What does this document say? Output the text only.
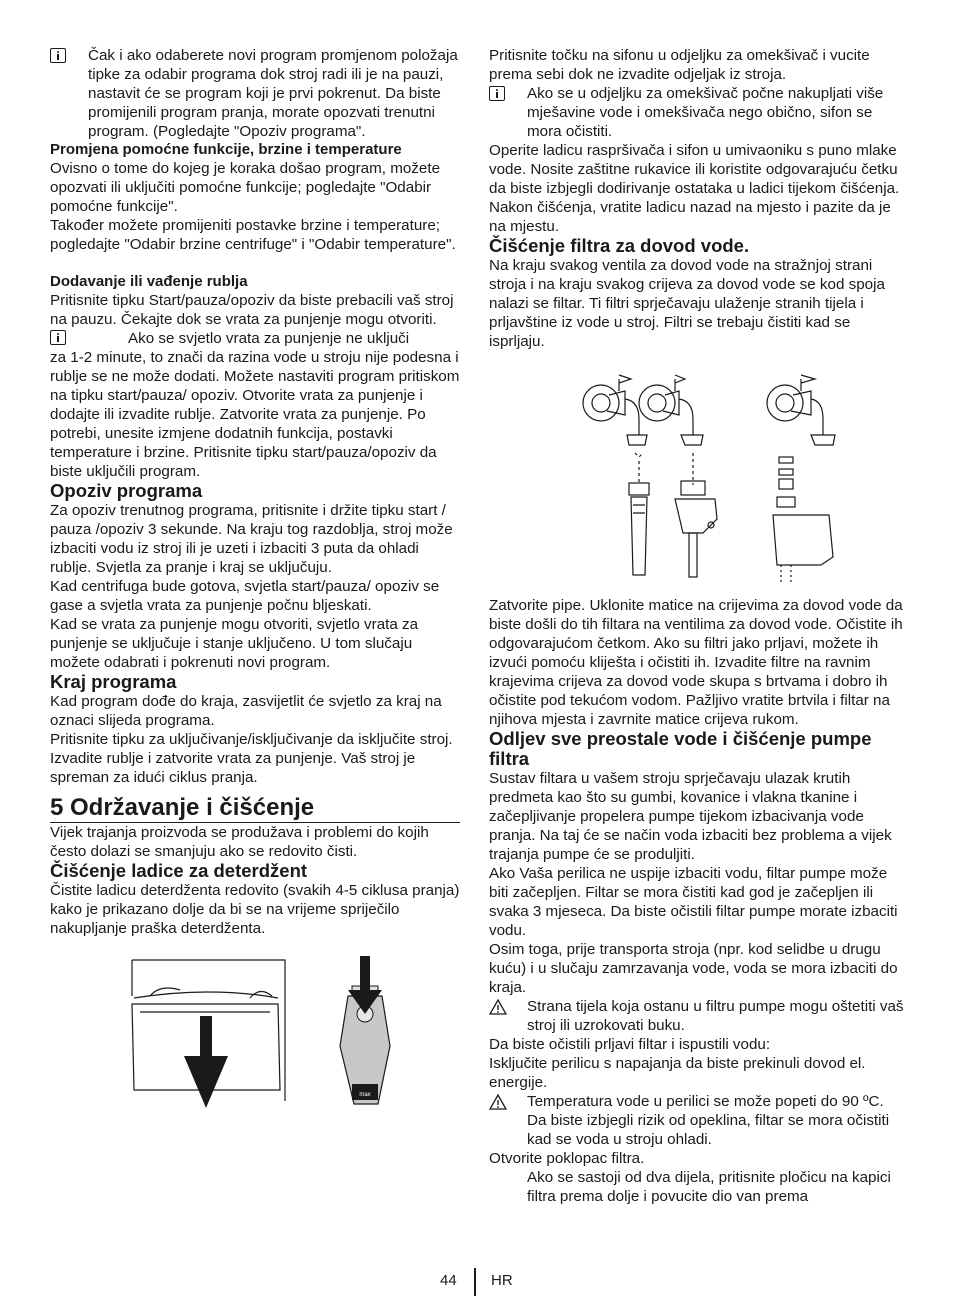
Čak i ako odaberete novi program promjenom položaja tipke za odabir programa dok stroj radi ili je na pauzi, nastavit će se program koji je prvi pokrenut. Da biste promijenili program pranja, morate opozvati trenutni program. (Pogledajte "Opoziv programa".

Promjena pomoćne funkcije, brzine i temperature

Ovisno o tome do kojeg je koraka došao program, možete opozvati ili uključiti pomoćne funkcije; pogledajte "Odabir pomoćne funkcije".

Također možete promijeniti postavke brzine i temperature; pogledajte "Odabir brzine centrifuge" i "Odabir temperature".

Dodavanje ili vađenje rublja

Pritisnite tipku Start/pauza/opoziv da biste prebacili vaš stroj na pauzu. Čekajte dok se vrata za punjenje mogu otvoriti.

Ako se svjetlo vrata za punjenje ne uključi

za 1-2 minute, to znači da razina vode u stroju nije podesna i rublje se ne može dodati. Možete nastaviti program pritiskom na tipku start/pauza/ opoziv. Otvorite vrata za punjenje i dodajte ili izvadite rublje. Zatvorite vrata za punjenje. Po potrebi, unesite izmjene dodatnih funkcija, postavki temperature i brzine. Pritisnite tipku start/pauza/opoziv da biste uključili program.

Opoziv programa

Za opoziv trenutnog programa, pritisnite i držite tipku start / pauza /opoziv 3 sekunde. Na kraju tog razdoblja, stroj može izbaciti vodu iz stroj ili je uzeti i izbaciti 3 puta da ohladi rublje. Svjetla za pranje i kraj se uključuju.

Kad centrifuga bude gotova, svjetla start/pauza/ opoziv se gase a svjetla vrata za punjenje počnu bljeskati.

Kad se vrata za punjenje mogu otvoriti, svjetlo vrata za punjenje se uključuje i stanje uključeno. U tom slučaju možete odabrati i pokrenuti novi program.

Kraj programa

Kad program dođe do kraja, zasvijetlit će svjetlo za kraj na oznaci slijeda programa.

Pritisnite tipku za uključivanje/isključivanje da isključite stroj. Izvadite rublje i zatvorite vrata za punjenje. Vaš stroj je spreman za idući ciklus pranja.

5 Održavanje i čišćenje

Vijek trajanja proizvoda se produžava i problemi do kojih često dolazi se smanjuju ako se redovito čisti.

Čišćenje ladice za deterdžent

Čistite ladicu deterdženta redovito (svakih 4-5 ciklusa pranja) kako je prikazano dolje da bi se na vrijeme spriječilo nakupljanje praška deterdženta.

max

Pritisnite točku na sifonu u odjeljku za omekšivač i vucite prema sebi dok ne izvadite odjeljak iz stroja.

Ako se u odjeljku za omekšivač počne nakupljati više mješavine vode i omekšivača nego obično, sifon se mora očistiti.

Operite ladicu raspršivača i sifon u umivaoniku s puno mlake vode. Nosite zaštitne rukavice ili koristite odgovarajuću četku da biste izbjegli dodirivanje ostataka u ladici tijekom čišćenja. Nakon čišćenja, vratite ladicu nazad na mjesto i pazite da je na mjestu.

Čišćenje filtra za dovod vode.

Na kraju svakog ventila za dovod vode na stražnjoj strani stroja i na kraju svakog crijeva za dovod vode se kod spoja nalazi se filtar. Ti filtri sprječavaju ulaženje stranih tijela i prljavštine iz vode u stroj. Filtri se trebaju čistiti kad se isprljaju.

Zatvorite pipe. Uklonite matice na crijevima za dovod vode da biste došli do tih filtara na ventilima za dovod vode. Očistite ih odgovarajućom četkom. Ako su filtri jako prljavi, možete ih izvući pomoću kliješta i očistiti ih. Izvadite filtre na ravnim krajevima crijeva za dovod vode skupa s brtvama i dobro ih očistite pod tekućom vodom. Pažljivo vratite brtvila i filtar na njihova mjesta i zavrnite matice crijeva rukom.

Odljev sve preostale vode i čišćenje pumpe filtra

Sustav filtara u vašem stroju sprječavaju ulazak krutih predmeta kao što su gumbi, kovanice i vlakna tkanine i začepljivanje propelera pumpe tijekom izbacivanja vode pranja. Na taj će se način voda izbaciti bez problema a vijek trajanja pumpe će se produljiti.

Ako Vaša perilica ne uspije izbaciti vodu, filtar pumpe može biti začepljen. Filtar se mora čistiti kad god je začepljen ili svaka 3 mjeseca. Da biste očistili filtar pumpe morate izbaciti vodu.

Osim toga, prije transporta stroja (npr. kod selidbe u drugu kuću) i u slučaju zamrzavanja vode, voda se mora izbaciti do kraja.

Strana tijela koja ostanu u filtru pumpe mogu oštetiti vaš stroj ili uzrokovati buku.

Da biste očistili prljavi filtar i ispustili vodu:

Isključite perilicu s napajanja da biste prekinuli dovod el. energije.

Temperatura vode u perilici se može popeti do 90 ºC. Da biste izbjegli rizik od opeklina, filtar se mora očistiti kad se voda u stroju ohladi.

Otvorite poklopac filtra.

Ako se sastoji od dva dijela, pritisnite pločicu na kapici filtra prema dolje i povucite dio van prema

44 HR
